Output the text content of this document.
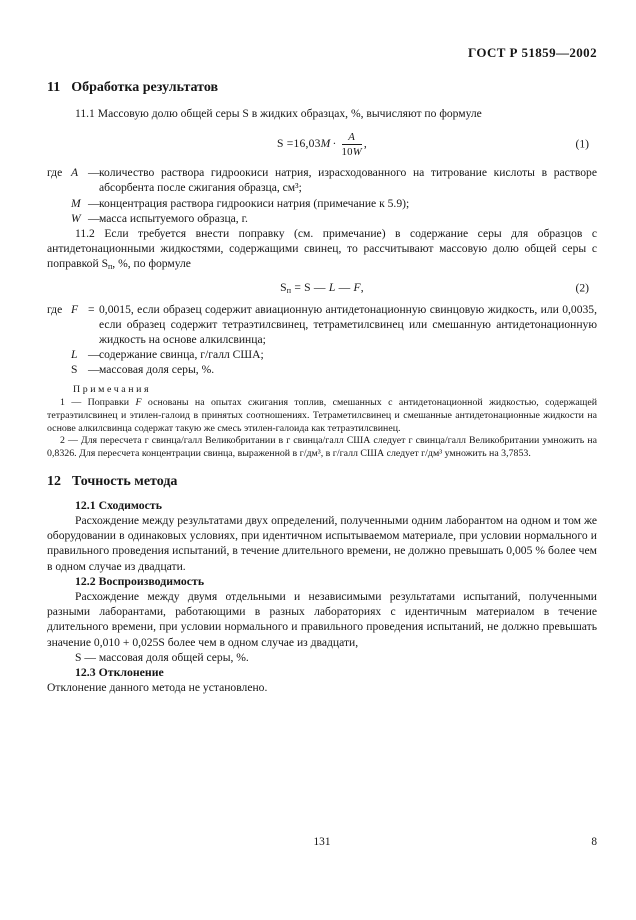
ГОСТ Р 51859—2002
11 Обработка результатов

11.1 Массовую долю общей серы S в жидких образцах, %, вычисляют по формуле

$S =16,03M \cdot \frac{A}{10W}$ ,	(1)
где A — количество раствора гидроокиси натрия, израсходованного на титрование кислоты в растворе абсорбента после сжигания образца, см³;
M — концентрация раствора гидроокиси натрия (примечание к 5.9);
W — масса испытуемого образца, г.

11.2 Если требуется внести поправку (см. примечание) в содержание серы для образцов с антидетонационными жидкостями, содержащими свинец, то рассчитывают массовую долю общей серы с поправкой $S_п$, %, по формуле

$S_п = S$ — L — F,	(2)
где F = 0,0015, если образец содержит авиационную антидетонационную свинцовую жидкость, или 0,0035, если образец содержит тетраэтилсвинец, тетраметилсвинец или смешанную антидетонационную жидкость на основе алкилсвинца;
L — содержание свинца, г/галл США;
S — массовая доля серы, %.
Примечания

1 — Поправки F основаны на опытах сжигания топлив, смешанных с антидетонационной жидкостью, содержащей тетраэтилсвинец и этилен-галоид в принятых соотношениях. Тетраметилсвинец и смешанные антидетонационные жидкости на основе алкилсвинца содержат такую же смесь этилен-галоида как тетраэтилсвинец.

2 — Для пересчета г свинца/галл Великобритании в г свинца/галл США следует г свинца/галл Великобритании умножить на 0,8326. Для пересчета концентрации свинца, выраженной в г/дм³, в г/галл США следует г/дм³ умножить на 3,7853.

12 Точность метода
12.1 Сходимость

Расхождение между результатами двух определений, полученными одним лаборантом на одном и том же оборудовании в одинаковых условиях, при идентичном испытываемом материале, при условии нормального и правильного проведения испытаний, в течение длительного времени, не должно превышать 0,005 % более чем в одном случае из двадцати.

12.2 Воспроизводимость

Расхождение между двумя отдельными и независимыми результатами испытаний, полученными разными лаборантами, работающими в разных лабораториях с идентичным материалом в течение длительного времени, при условии нормального и правильного проведения испытаний, не должно превышать значение 0,010 + 0,025S более чем в одном случае из двадцати,

S — массовая доля общей серы, %.
12.3 Отклонение

Отклонение данного метода не установлено.

131	8
